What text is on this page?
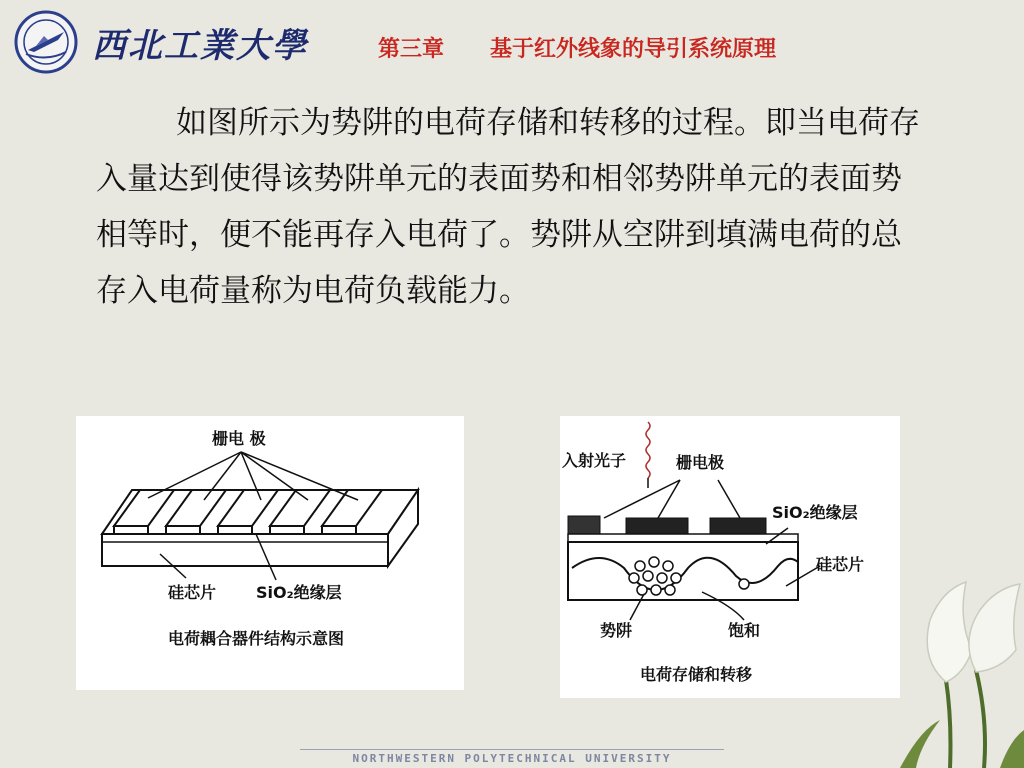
西北工業大學	第三章 基于红外线象的导引系统原理

如图所示为势阱的电荷存储和转移的过程。即当电荷存入量达到使得该势阱单元的表面势和相邻势阱单元的表面势相等时，便不能再存入电荷了。势阱从空阱到填满电荷的总存入电荷量称为电荷负载能力。

栅电 极
硅芯片 SiO₂绝缘层
电荷耦合器件结构示意图
入射光子	栅电极
SiO₂绝缘层
硅芯片
势阱	饱和
电荷存储和转移
NORTHWESTERN POLYTECHNICAL UNIVERSITY
